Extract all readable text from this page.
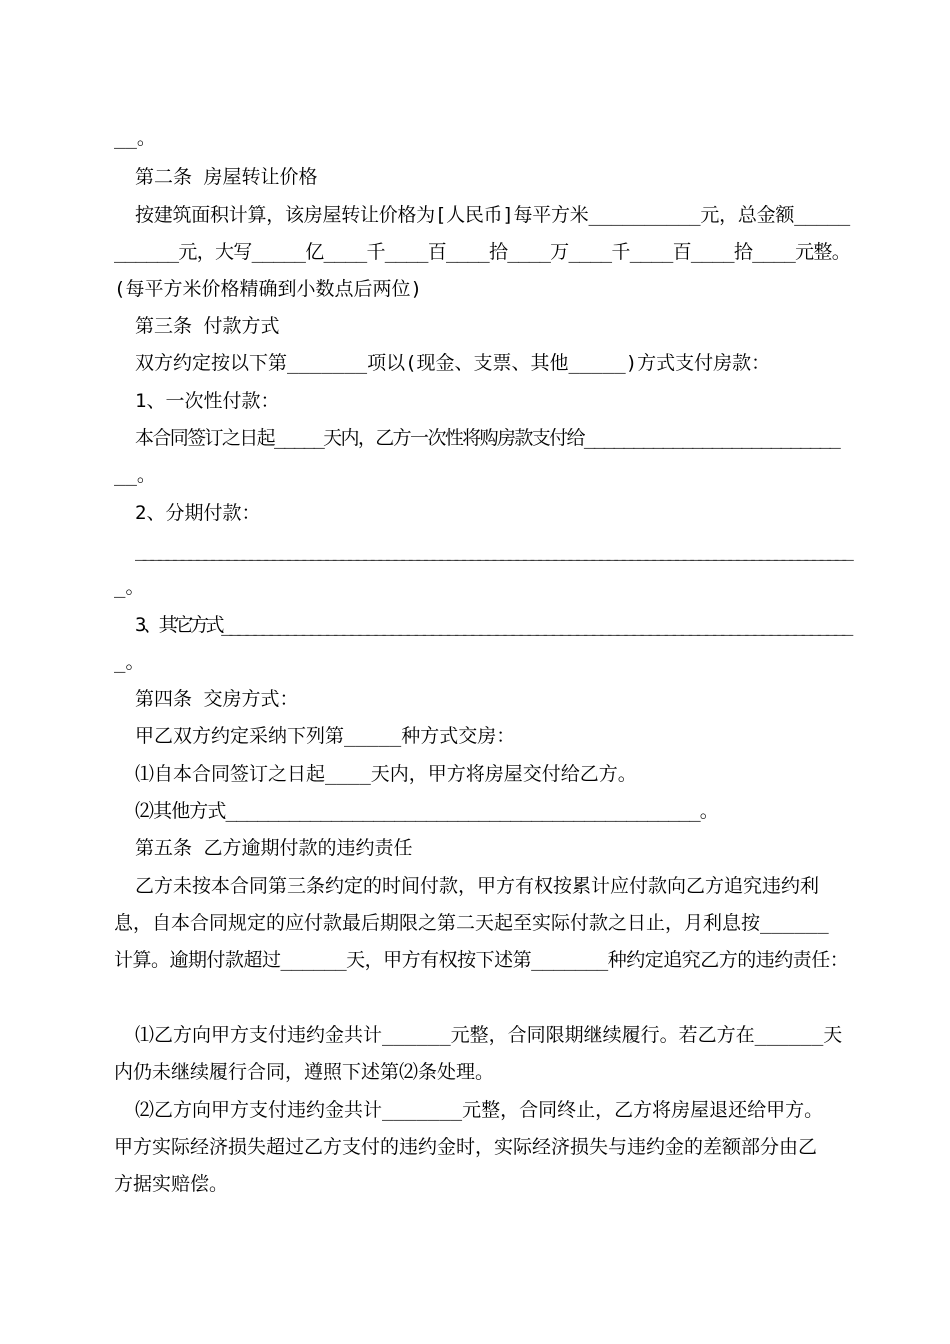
__。
第二条 房屋转让价格
按建筑面积计算，该房屋转让价格为[人民币]每平方米__________元，总金额_____
______元，大写_____亿____千____百____拾____万____千____百____拾____元整。
(每平方米价格精确到小数点后两位)
第三条 付款方式
双方约定按以下第_______项以(现金、支票、其他_____)方式支付房款：
1、一次性付款：
本合同签订之日起_____天内，乙方一次性将购房款支付给__________________________
__。
2、分期付款：
______________________________________________________________________________________________
_。
3、其它方式______________________________________________________________________________
_。
第四条 交房方式：
甲乙双方约定采纳下列第_____种方式交房：
⑴自本合同签订之日起____天内，甲方将房屋交付给乙方。
⑵其他方式_____________________________________________。
第五条 乙方逾期付款的违约责任
乙方未按本合同第三条约定的时间付款，甲方有权按累计应付款向乙方追究违约利
息，自本合同规定的应付款最后期限之第二天起至实际付款之日止，月利息按______
计算。逾期付款超过______天，甲方有权按下述第_______种约定追究乙方的违约责任：
⑴乙方向甲方支付违约金共计______元整，合同限期继续履行。若乙方在______天
内仍未继续履行合同，遵照下述第⑵条处理。
⑵乙方向甲方支付违约金共计_______元整，合同终止，乙方将房屋退还给甲方。
甲方实际经济损失超过乙方支付的违约金时，实际经济损失与违约金的差额部分由乙
方据实赔偿。
